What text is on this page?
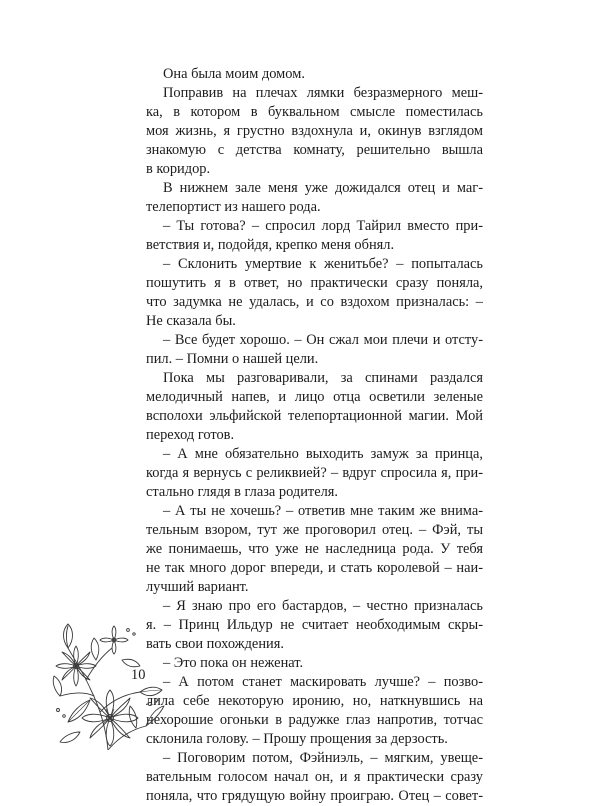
Она была моим домом.
Поправив на плечах лямки безразмерного меш-
ка, в котором в буквальном смысле поместилась
моя жизнь, я грустно вздохнула и, окинув взглядом
знакомую с детства комнату, решительно вышла
в коридор.
В нижнем зале меня уже дожидался отец и маг-
телепортист из нашего рода.
– Ты готова? – спросил лорд Тайрил вместо при-
ветствия и, подойдя, крепко меня обнял.
– Склонить умертвие к женитьбе? – попыталась
пошутить я в ответ, но практически сразу поняла,
что задумка не удалась, и со вздохом призналась: –
Не сказала бы.
– Все будет хорошо. – Он сжал мои плечи и отсту-
пил. – Помни о нашей цели.
Пока мы разговаривали, за спинами раздался
мелодичный напев, и лицо отца осветили зеленые
всполохи эльфийской телепортационной магии. Мой
переход готов.
– А мне обязательно выходить замуж за принца,
когда я вернусь с реликвией? – вдруг спросила я, при-
стально глядя в глаза родителя.
– А ты не хочешь? – ответив мне таким же внима-
тельным взором, тут же проговорил отец. – Фэй, ты
же понимаешь, что уже не наследница рода. У тебя
не так много дорог впереди, и стать королевой – наи-
лучший вариант.
– Я знаю про его бастардов, – честно призналась
я. – Принц Ильдур не считает необходимым скры-
вать свои похождения.
– Это пока он неженат.
– А потом станет маскировать лучше? – позво-
лила себе некоторую иронию, но, наткнувшись на
нехорошие огоньки в радужке глаз напротив, тотчас
склонила голову. – Прошу прощения за дерзость.
– Поговорим потом, Фэйниэль, – мягким, увеще-
вательным голосом начал он, и я практически сразу
поняла, что грядущую войну проиграю. Отец – совет-
10
